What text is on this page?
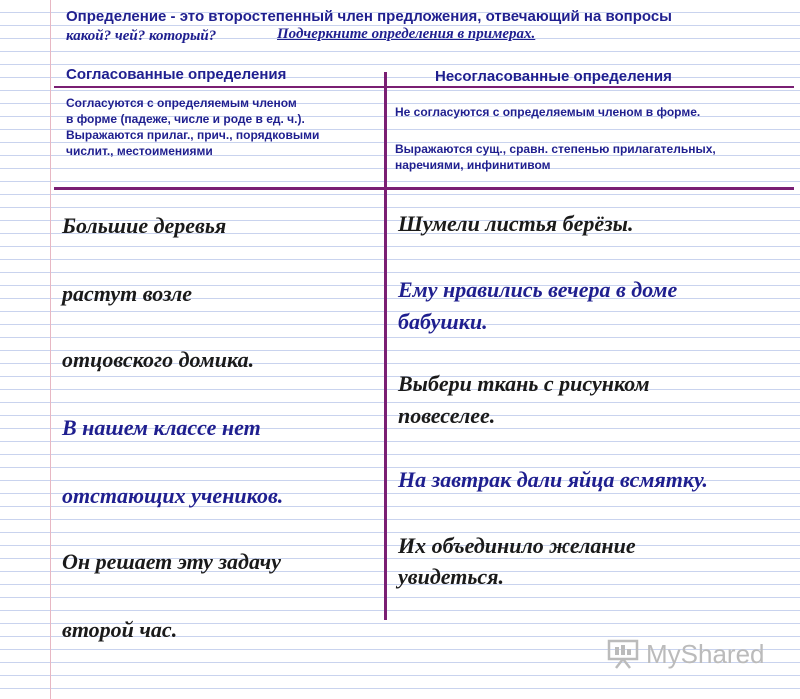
Определение - это второстепенный член предложения, отвечающий на вопросы
какой? чей? который?	Подчеркните определения в примерах.
Согласованные определения	Несогласованные определения

Согласуются с определяемым членом

в форме (падеже, числе и роде в ед. ч.).

Выражаются прилаг., прич., порядковыми

числит., местоимениями

Не согласуются с определяемым членом в форме.

Выражаются сущ., сравн. степенью прилагательных,

наречиями, инфинитивом

Большие деревья
растут возле
отцовского домика.
В нашем классе нет
отстающих учеников.
Он решает эту задачу
второй час.
Шумели листья берёзы.
Ему нравились вечера в доме
бабушки.
Выбери ткань с рисунком
повеселее.
На завтрак дали яйца всмятку.
Их объединило желание
увидеться.
MyShared
